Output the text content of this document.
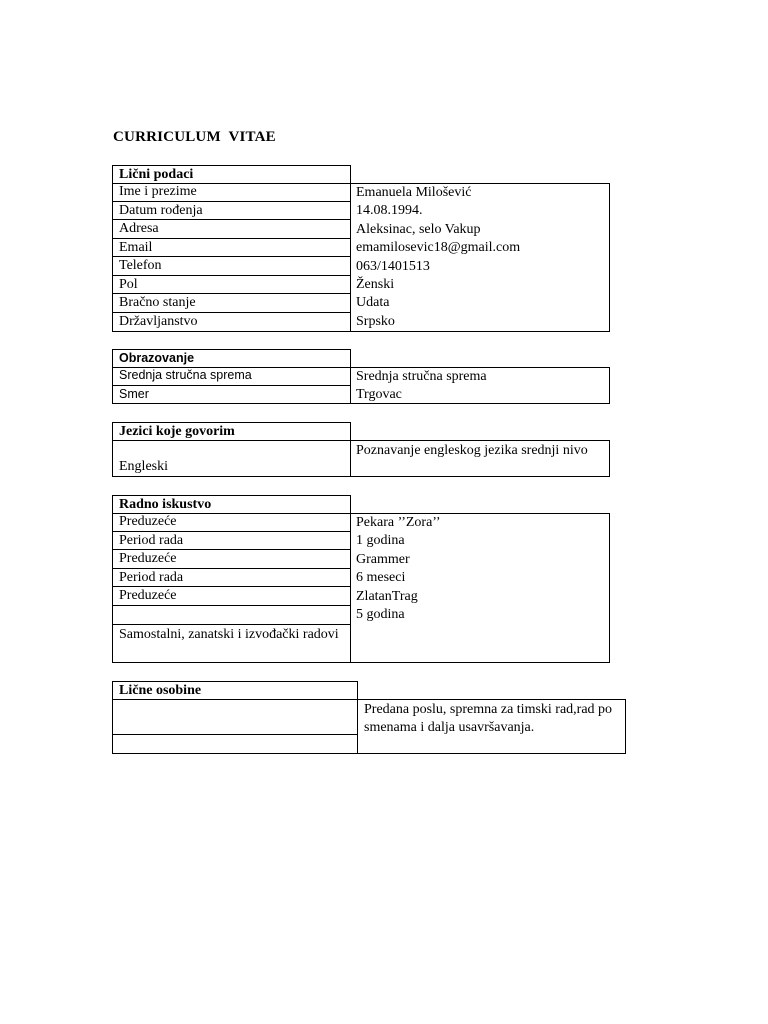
CURRICULUM  VITAE
Lični podaci
Ime i prezime
Datum rođenja
Adresa
Email
Telefon
Pol
Bračno stanje
Državljanstvo
Emanuela Milošević
14.08.1994.
Aleksinac, selo Vakup
emamilosevic18@gmail.com
063/1401513
Ženski
Udata
Srpsko
Obrazovanje
Srednja stručna sprema
Smer
Srednja stručna sprema
Trgovac
Jezici koje govorim
Engleski
Poznavanje engleskog jezika srednji nivo
Radno iskustvo
Preduzeće
Period rada
Preduzeće
Period rada
Preduzeće
Samostalni, zanatski i izvođački radovi
Pekara ’’Zora’’
1 godina
Grammer
6 meseci
ZlatanTrag
5 godina
Lične osobine
Predana poslu, spremna za timski rad,rad po smenama i dalja usavršavanja.
